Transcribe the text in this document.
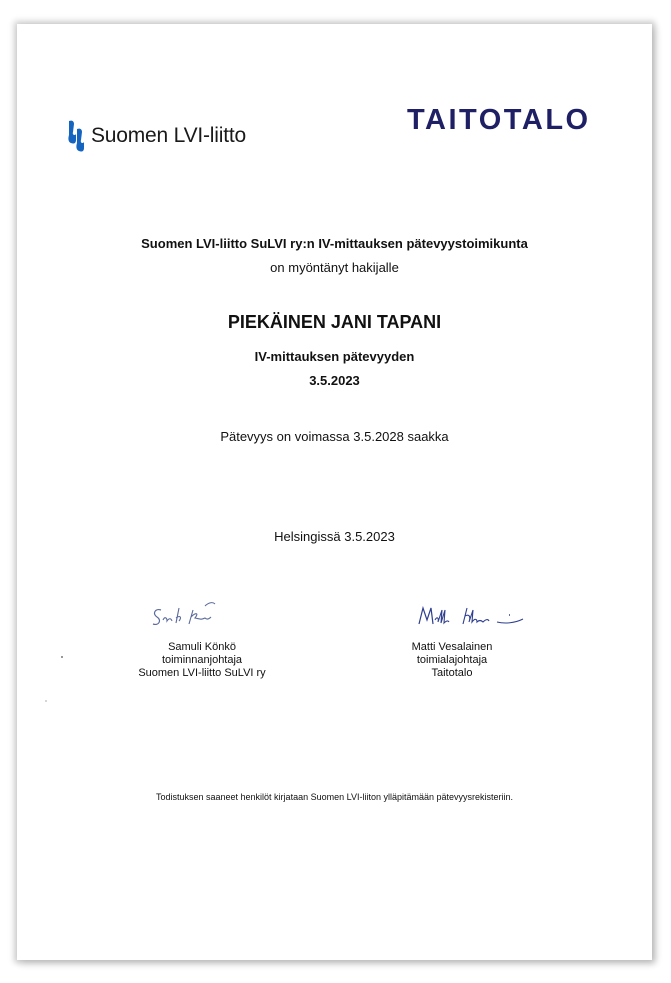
Suomen LVI-liitto	TAITOTALO
Suomen LVI-liitto SuLVI ry:n IV-mittauksen pätevyystoimikunta
on myöntänyt hakijalle
PIEKÄINEN JANI TAPANI
IV-mittauksen pätevyyden
3.5.2023
Pätevyys on voimassa 3.5.2028 saakka
Helsingissä 3.5.2023
Samuli Könkö
toiminnanjohtaja
Suomen LVI-liitto SuLVI ry
Matti Vesalainen
toimialajohtaja
Taitotalo
Todistuksen saaneet henkilöt kirjataan Suomen LVI-liiton ylläpitämään pätevyysrekisteriin.
